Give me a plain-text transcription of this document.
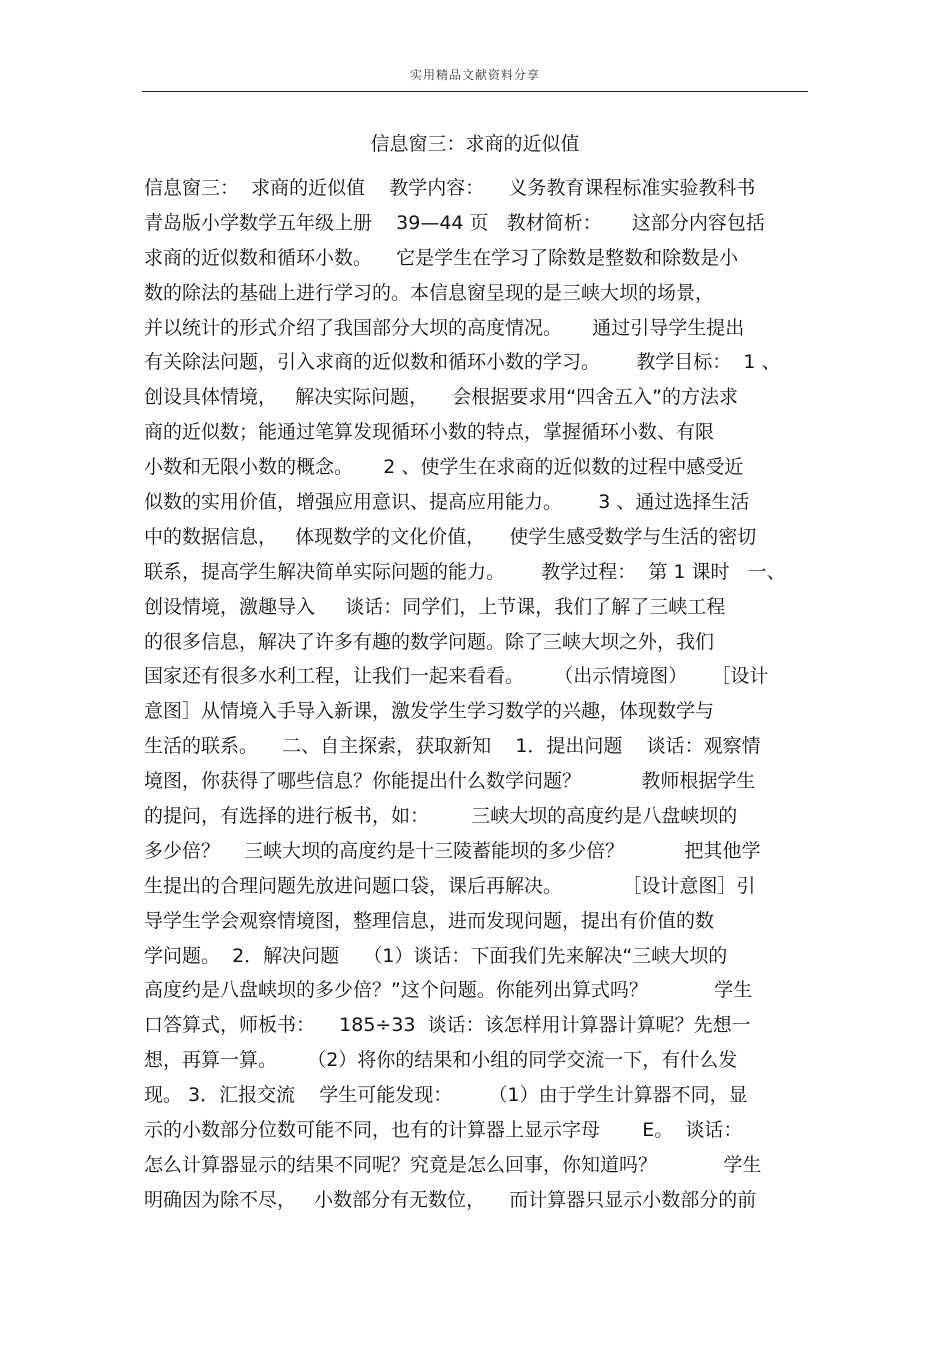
实用精品文献资料分享
信息窗三：求商的近似值
信息窗三：  求商的近似值    教学内容：    义务教育课程标准实验教科书
青岛版小学数学五年级上册    39—44 页   教材简析：     这部分内容包括
求商的近似数和循环小数。    它是学生在学习了除数是整数和除数是小
数的除法的基础上进行学习的。本信息窗呈现的是三峡大坝的场景，
并以统计的形式介绍了我国部分大坝的高度情况。     通过引导学生提出
有关除法问题，引入求商的近似数和循环小数的学习。      教学目标：  1 、
创设具体情境，   解决实际问题，    会根据要求用“四舍五入”的方法求
商的近似数；能通过笔算发现循环小数的特点，掌握循环小数、有限
小数和无限小数的概念。     2 、使学生在求商的近似数的过程中感受近
似数的实用价值，增强应用意识、提高应用能力。      3 、通过选择生活
中的数据信息，   体现数学的文化价值，    使学生感受数学与生活的密切
联系，提高学生解决简单实际问题的能力。      教学过程：  第 1 课时   一、
创设情境，激趣导入     谈话：同学们，上节课，我们了解了三峡工程
的很多信息，解决了许多有趣的数学问题。除了三峡大坝之外，我们
国家还有很多水利工程，让我们一起来看看。     （出示情境图）    ［设计
意图］从情境入手导入新课，激发学生学习数学的兴趣，体现数学与
生活的联系。    二、自主探索，获取新知    1．提出问题    谈话：观察情
境图，你获得了哪些信息？你能提出什么数学问题？          教师根据学生
的提问，有选择的进行板书，如：       三峡大坝的高度约是八盘峡坝的
多少倍？    三峡大坝的高度约是十三陵蓄能坝的多少倍？          把其他学
生提出的合理问题先放进问题口袋，课后再解决。          ［设计意图］引
导学生学会观察情境图，整理信息，进而发现问题，提出有价值的数
学问题。  2．解决问题    （1）谈话：下面我们先来解决“三峡大坝的
高度约是八盘峡坝的多少倍？”这个问题。你能列出算式吗？           学生
口答算式，师板书：    185÷33  谈话：该怎样用计算器计算呢？先想一
想，再算一算。     （2）将你的结果和小组的同学交流一下，有什么发
现。 3．汇报交流    学生可能发现：      （1）由于学生计算器不同，显
示的小数部分位数可能不同，也有的计算器上显示字母       E。  谈话：
怎么计算器显示的结果不同呢？究竟是怎么回事，你知道吗？           学生
明确因为除不尽，   小数部分有无数位，    而计算器只显示小数部分的前
